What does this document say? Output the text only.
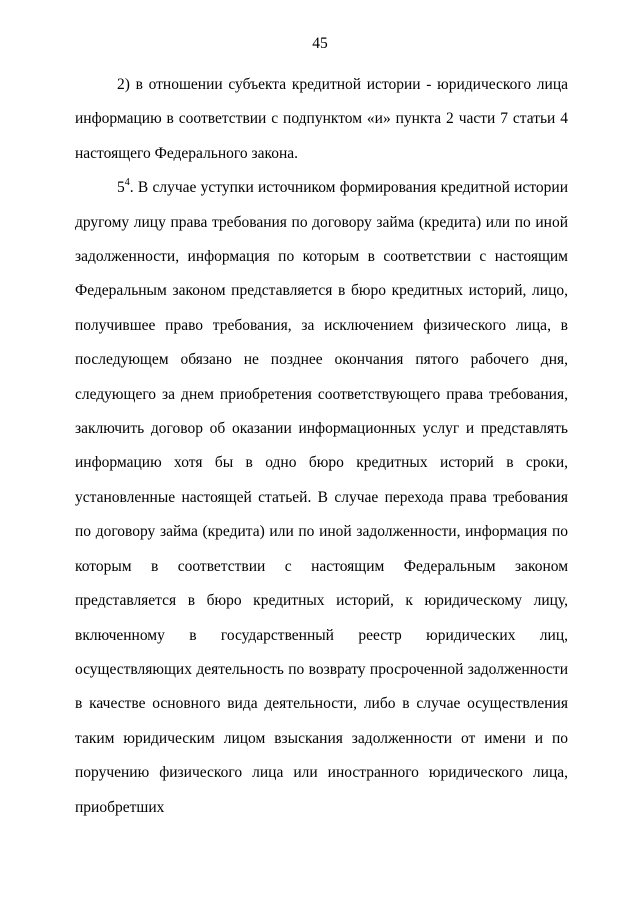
45

2) в отношении субъекта кредитной истории - юридического лица информацию в соответствии с подпунктом «и» пункта 2 части 7 статьи 4 настоящего Федерального закона.

$5^4$. В случае уступки источником формирования кредитной истории другому лицу права требования по договору займа (кредита) или по иной задолженности, информация по которым в соответствии с настоящим Федеральным законом представляется в бюро кредитных историй, лицо, получившее право требования, за исключением физического лица, в последующем обязано не позднее окончания пятого рабочего дня, следующего за днем приобретения соответствующего права требования, заключить договор об оказании информационных услуг и представлять информацию хотя бы в одно бюро кредитных историй в сроки, установленные настоящей статьей. В случае перехода права требования по договору займа (кредита) или по иной задолженности, информация по которым в соответствии с настоящим Федеральным законом представляется в бюро кредитных историй, к юридическому лицу, включенному в государственный реестр юридических лиц, осуществляющих деятельность по возврату просроченной задолженности в качестве основного вида деятельности, либо в случае осуществления таким юридическим лицом взыскания задолженности от имени и по поручению физического лица или иностранного юридического лица, приобретших
